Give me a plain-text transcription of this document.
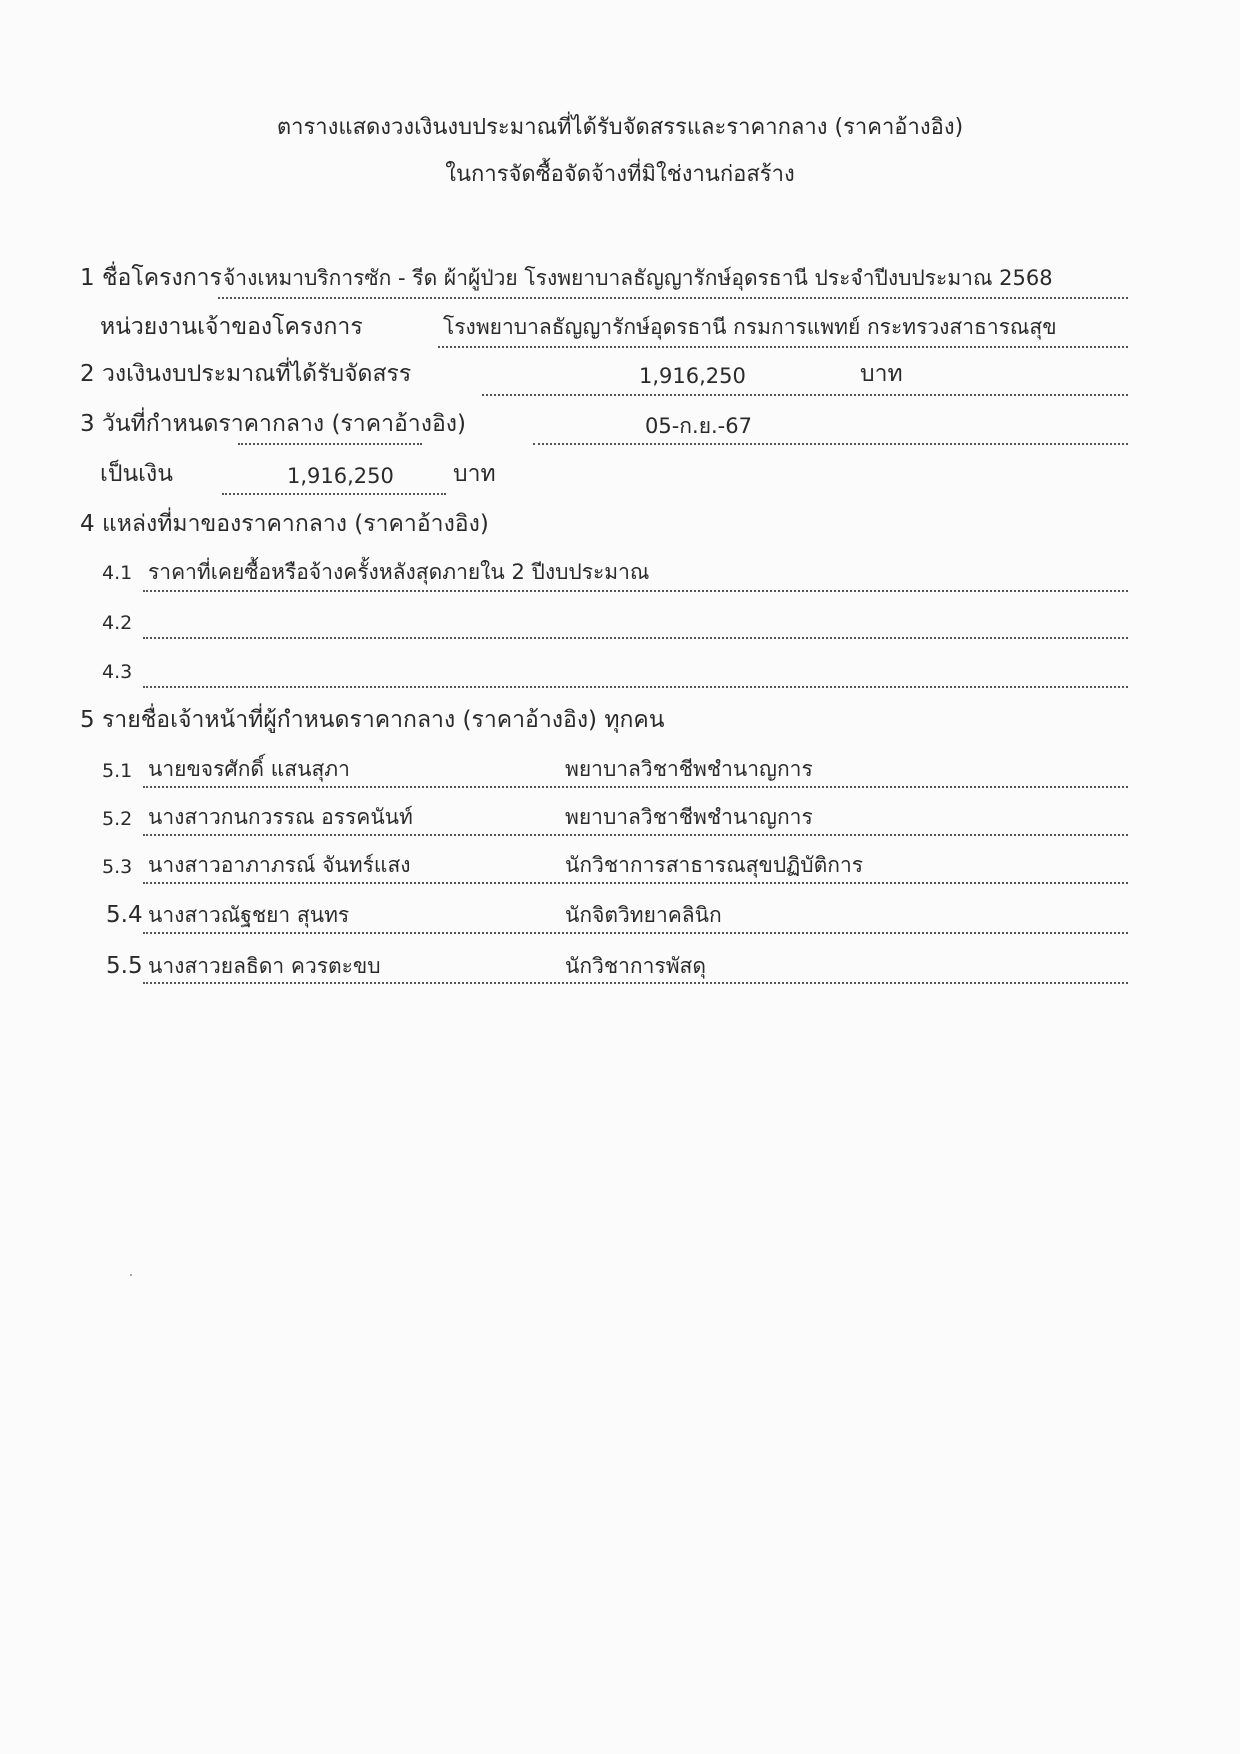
ตารางแสดงวงเงินงบประมาณที่ได้รับจัดสรรและราคากลาง (ราคาอ้างอิง)
ในการจัดซื้อจัดจ้างที่มิใช่งานก่อสร้าง
1 ชื่อโครงการ จ้างเหมาบริการซัก - รีด ผ้าผู้ป่วย โรงพยาบาลธัญญารักษ์อุดรธานี ประจำปีงบประมาณ 2568
หน่วยงานเจ้าของโครงการ	โรงพยาบาลธัญญารักษ์อุดรธานี กรมการแพทย์ กระทรวงสาธารณสุข
2 วงเงินงบประมาณที่ได้รับจัดสรร	1,916,250	บาท
3 วันที่กำหนดราคากลาง (ราคาอ้างอิง)	05-ก.ย.-67
เป็นเงิน	1,916,250	บาท
4 แหล่งที่มาของราคากลาง (ราคาอ้างอิง)
4.1 ราคาที่เคยซื้อหรือจ้างครั้งหลังสุดภายใน 2 ปีงบประมาณ
4.2
4.3
5 รายชื่อเจ้าหน้าที่ผู้กำหนดราคากลาง (ราคาอ้างอิง) ทุกคน
5.1 นายขจรศักดิ์ แสนสุภา	พยาบาลวิชาชีพชำนาญการ
5.2 นางสาวกนกวรรณ อรรคนันท์	พยาบาลวิชาชีพชำนาญการ
5.3 นางสาวอาภาภรณ์ จันทร์แสง	นักวิชาการสาธารณสุขปฏิบัติการ
5.4 นางสาวณัฐชยา สุนทร	นักจิตวิทยาคลินิก
5.5 นางสาวยลธิดา ควรตะขบ	นักวิชาการพัสดุ
